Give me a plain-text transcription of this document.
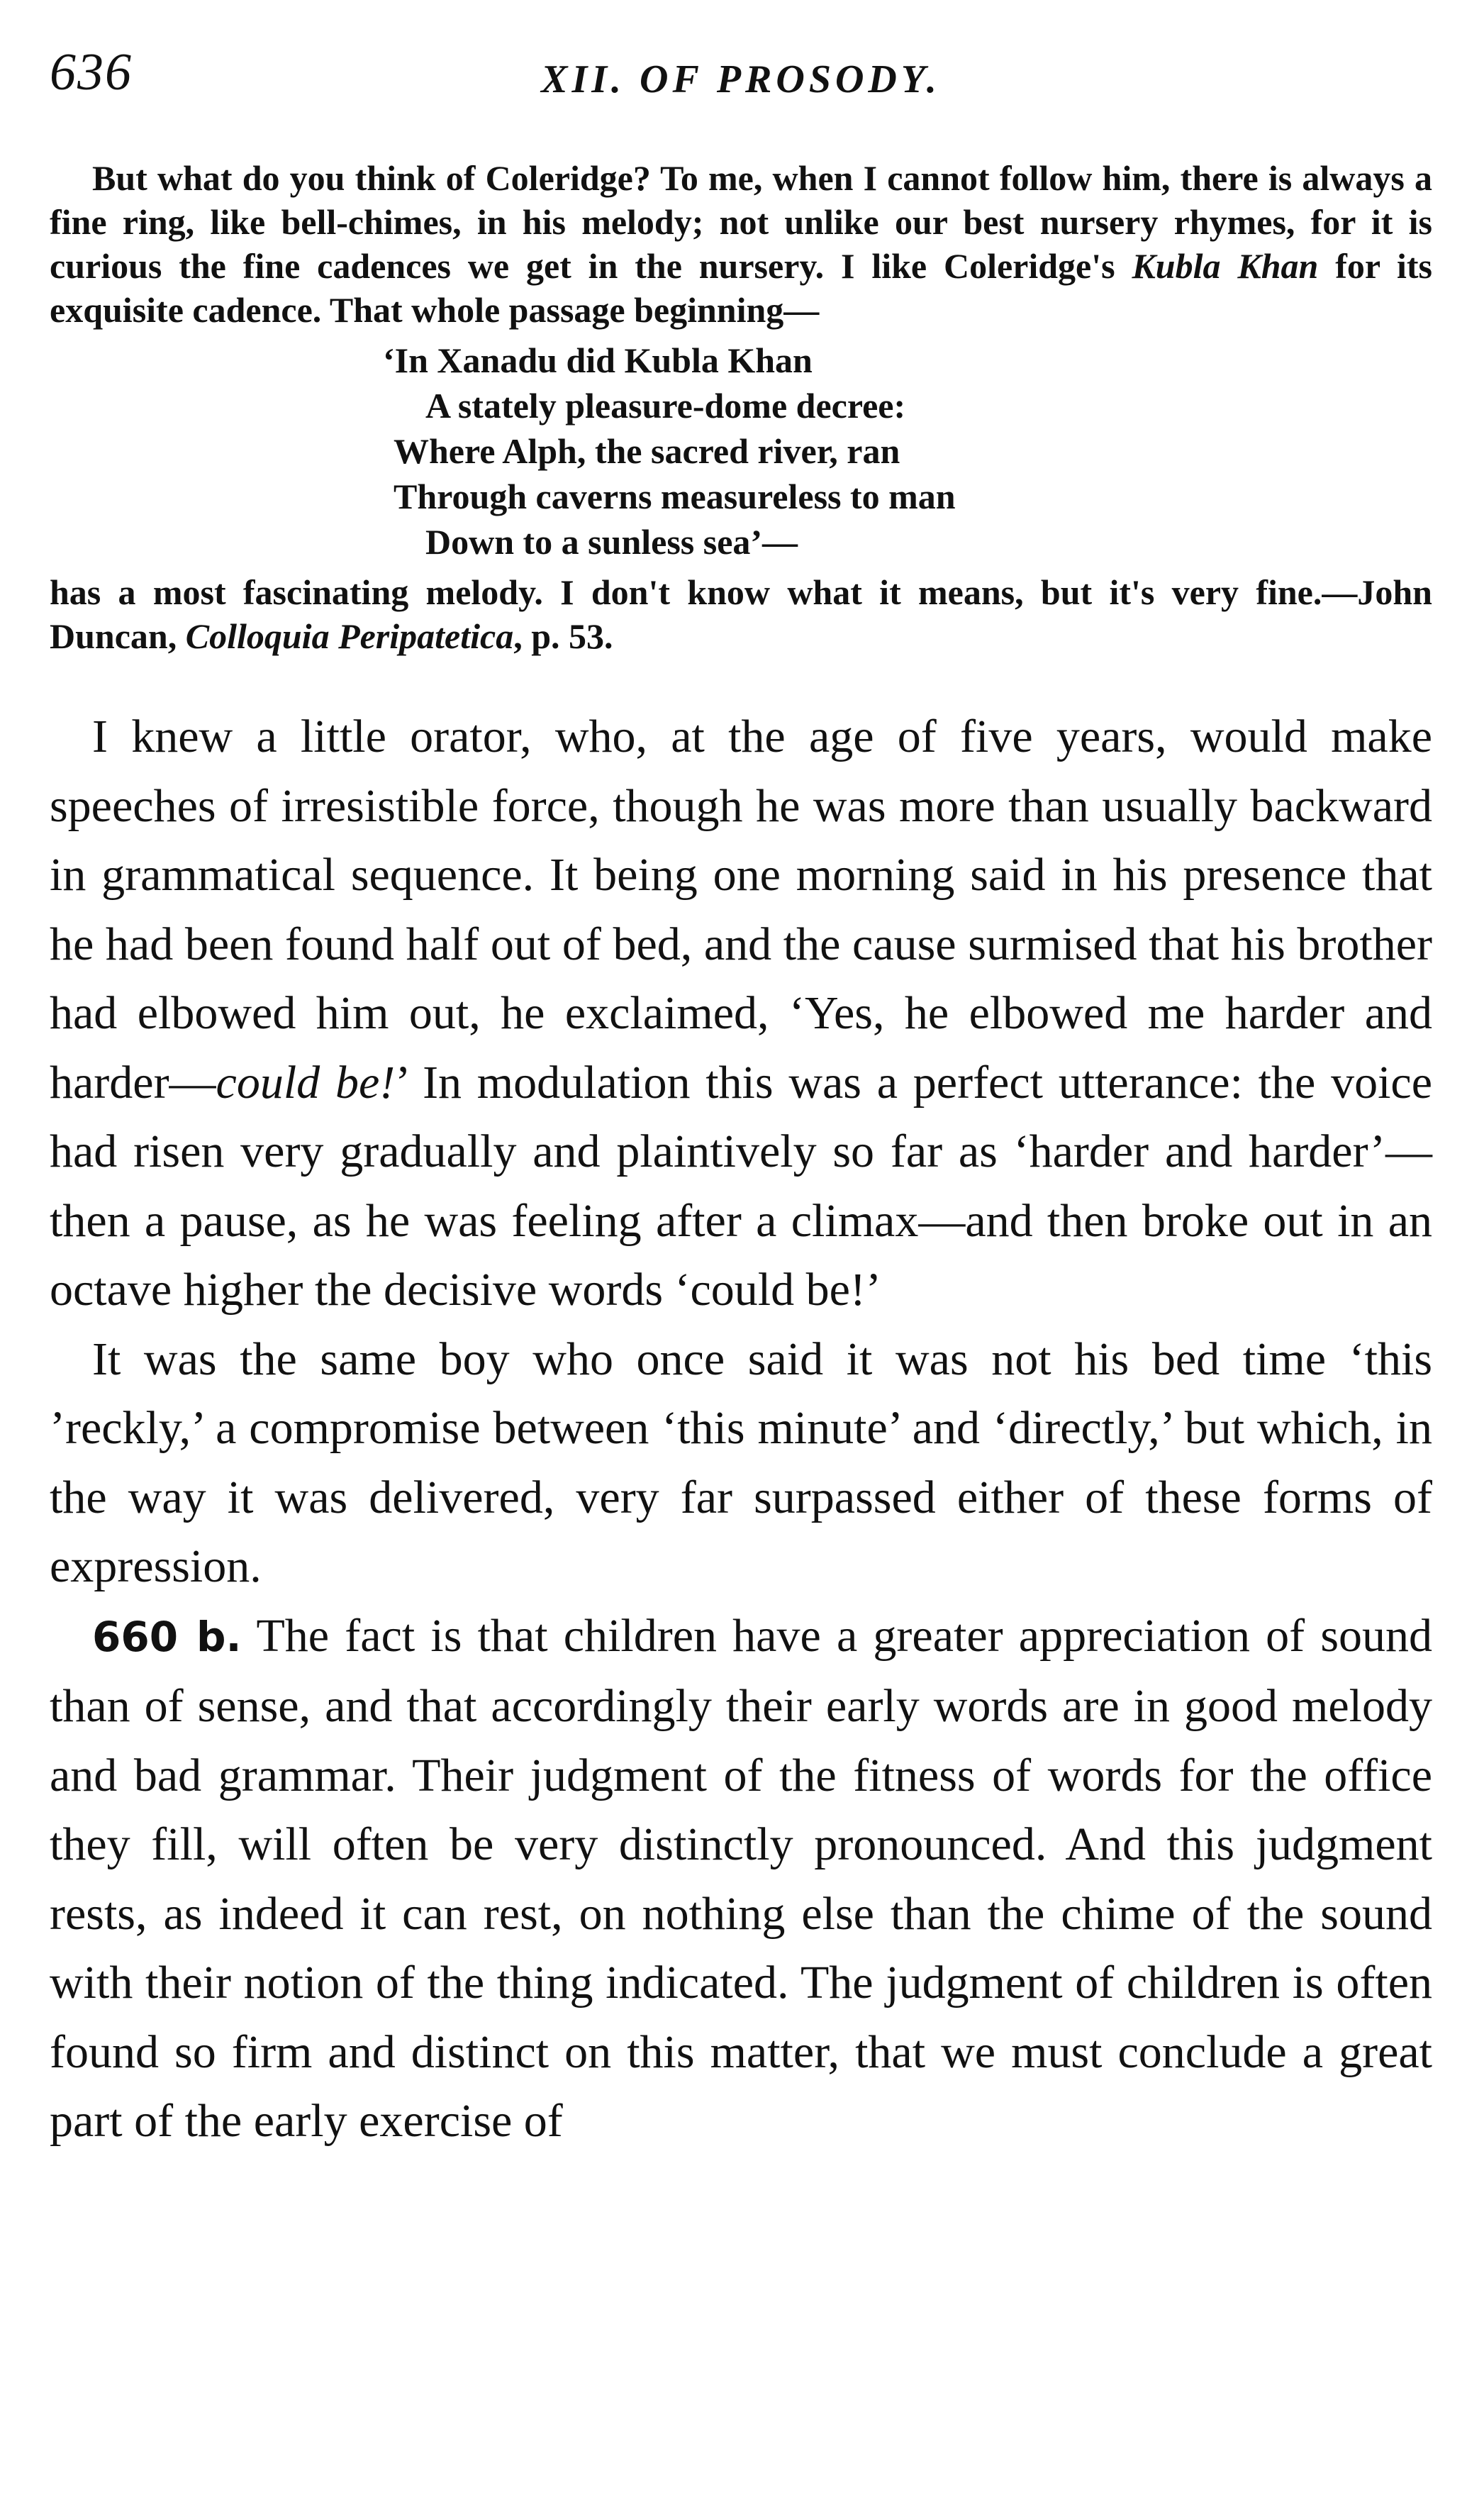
636	XII. OF PROSODY.

But what do you think of Coleridge? To me, when I cannot follow him, there is always a fine ring, like bell-chimes, in his melody; not unlike our best nursery rhymes, for it is curious the fine cadences we get in the nursery. I like Coleridge's Kubla Khan for its exquisite cadence. That whole passage beginning—

‘In Xanadu did Kubla Khan
A stately pleasure-dome decree:
Where Alph, the sacred river, ran
Through caverns measureless to man
Down to a sunless sea’—

has a most fascinating melody. I don't know what it means, but it's very fine.—John Duncan, Colloquia Peripatetica, p. 53.

I knew a little orator, who, at the age of five years, would make speeches of irresistible force, though he was more than usually backward in grammatical sequence. It being one morning said in his presence that he had been found half out of bed, and the cause surmised that his brother had elbowed him out, he exclaimed, ‘Yes, he elbowed me harder and harder—could be!’ In modulation this was a perfect utterance: the voice had risen very gradually and plaintively so far as ‘harder and harder’—then a pause, as he was feeling after a climax—and then broke out in an octave higher the decisive words ‘could be!’

It was the same boy who once said it was not his bed time ‘this ’reckly,’ a compromise between ‘this minute’ and ‘directly,’ but which, in the way it was delivered, very far surpassed either of these forms of expression.

660 b. The fact is that children have a greater appreciation of sound than of sense, and that accordingly their early words are in good melody and bad grammar. Their judgment of the fitness of words for the office they fill, will often be very distinctly pronounced. And this judgment rests, as indeed it can rest, on nothing else than the chime of the sound with their notion of the thing indicated. The judgment of children is often found so firm and distinct on this matter, that we must conclude a great part of the early exercise of
